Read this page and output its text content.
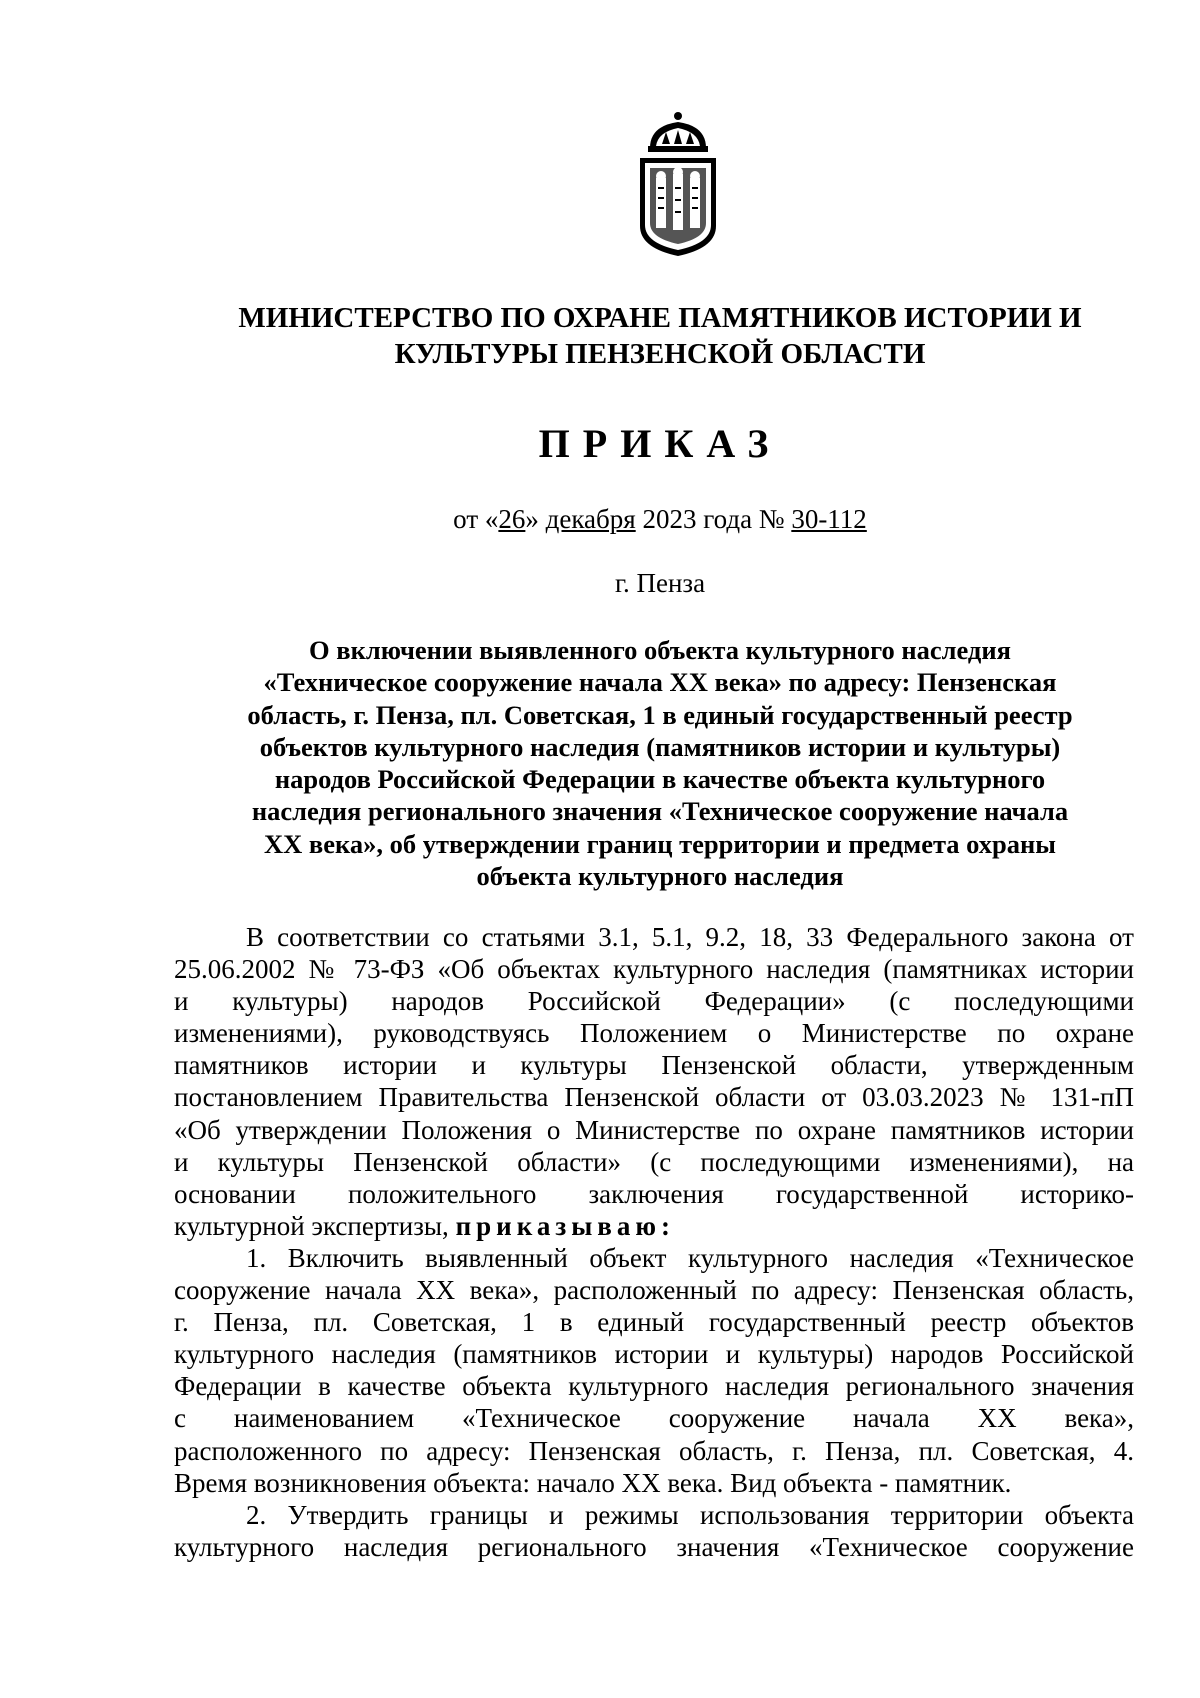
МИНИСТЕРСТВО ПО ОХРАНЕ ПАМЯТНИКОВ ИСТОРИИ И
КУЛЬТУРЫ ПЕНЗЕНСКОЙ ОБЛАСТИ
ПРИКАЗ
от «26» декабря 2023 года № 30-112
г. Пенза
О включении выявленного объекта культурного наследия
«Техническое сооружение начала XX века» по адресу: Пензенская
область, г. Пенза, пл. Советская, 1 в единый государственный реестр
объектов культурного наследия (памятников истории и культуры)
народов Российской Федерации в качестве объекта культурного
наследия регионального значения «Техническое сооружение начала
XX века», об утверждении границ территории и предмета охраны
объекта культурного наследия
В соответствии со статьями 3.1, 5.1, 9.2, 18, 33 Федерального закона от
25.06.2002 № 73-ФЗ «Об объектах культурного наследия (памятниках истории
и культуры) народов Российской Федерации» (с последующими
изменениями), руководствуясь Положением о Министерстве по охране
памятников истории и культуры Пензенской области, утвержденным
постановлением Правительства Пензенской области от 03.03.2023 № 131-пП
«Об утверждении Положения о Министерстве по охране памятников истории
и культуры Пензенской области» (с последующими изменениями), на
основании положительного заключения государственной историко-
культурной экспертизы, приказываю:
1. Включить выявленный объект культурного наследия «Техническое
сооружение начала XX века», расположенный по адресу: Пензенская область,
г. Пенза, пл. Советская, 1 в единый государственный реестр объектов
культурного наследия (памятников истории и культуры) народов Российской
Федерации в качестве объекта культурного наследия регионального значения
с наименованием «Техническое сооружение начала XX века»,
расположенного по адресу: Пензенская область, г. Пенза, пл. Советская, 4.
Время возникновения объекта: начало XX века. Вид объекта - памятник.
2. Утвердить границы и режимы использования территории объекта
культурного наследия регионального значения «Техническое сооружение
